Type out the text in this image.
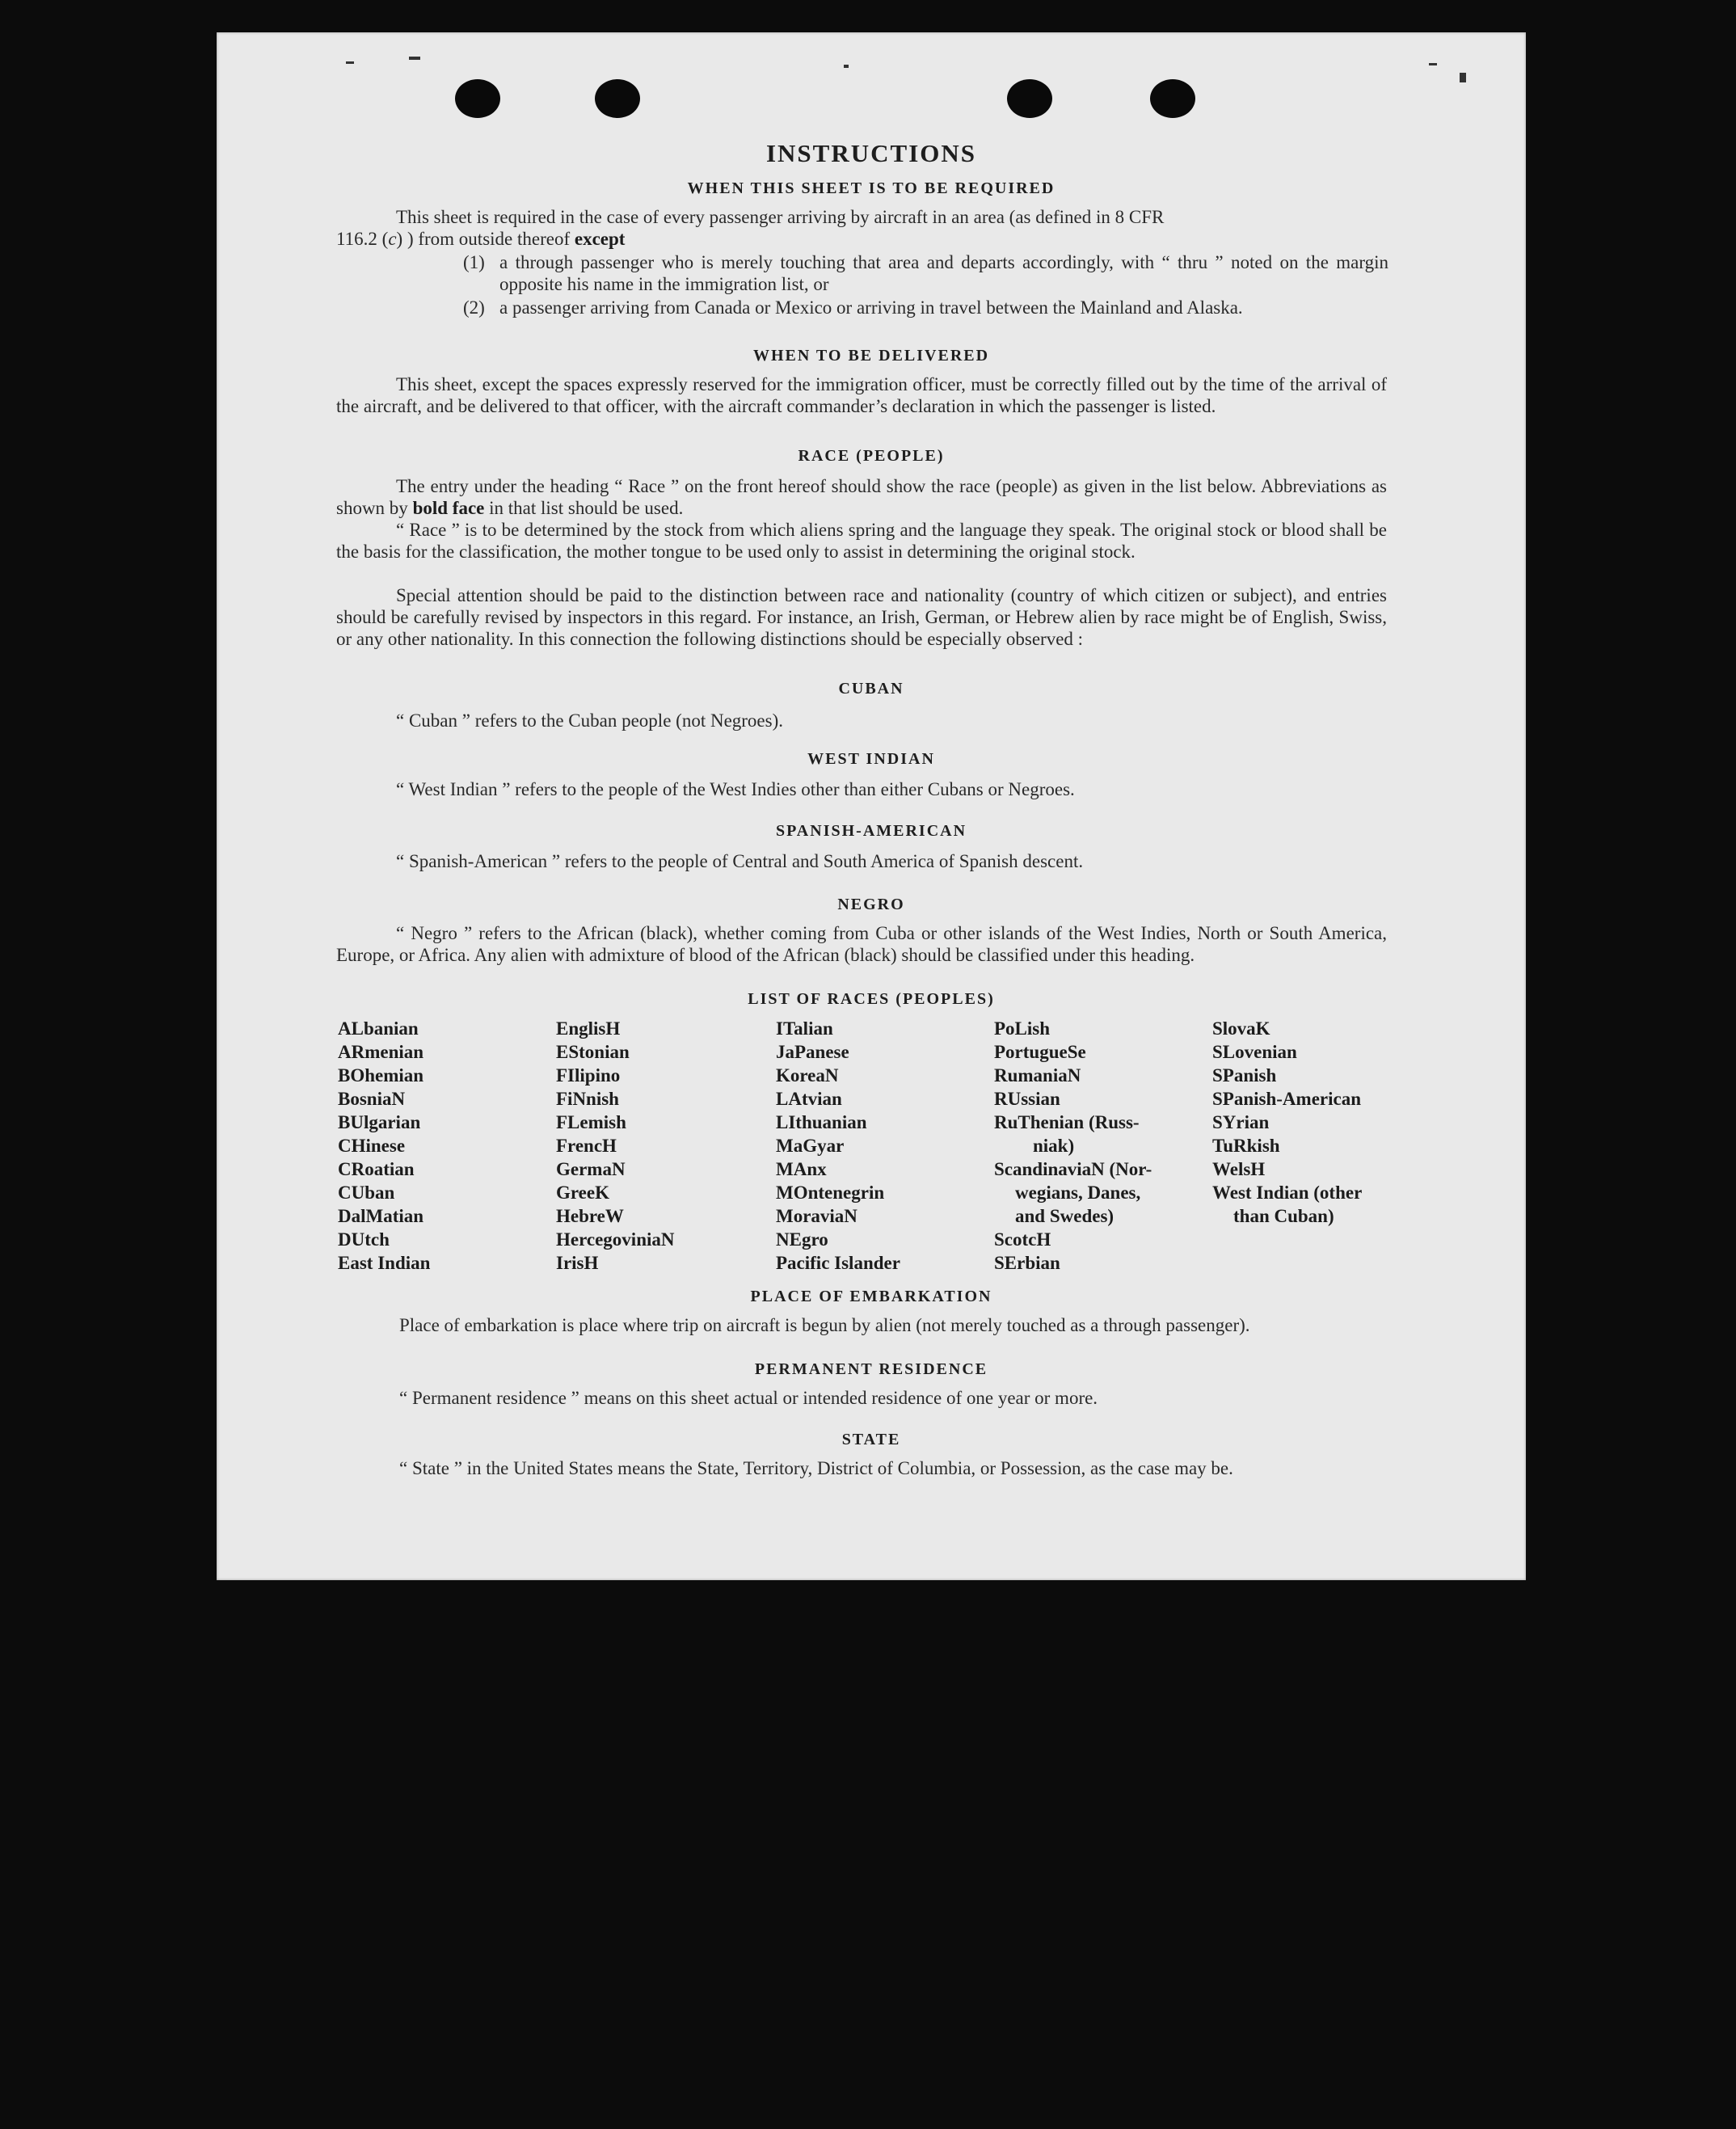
INSTRUCTIONS
WHEN THIS SHEET IS TO BE REQUIRED
This sheet is required in the case of every passenger arriving by aircraft in an area (as defined in 8 CFR
116.2 (c) ) from outside thereof except
(1) a through passenger who is merely touching that area and departs accordingly, with “ thru ” noted on the margin opposite his name in the immigration list, or
(2) a passenger arriving from Canada or Mexico or arriving in travel between the Mainland and Alaska.
WHEN TO BE DELIVERED
This sheet, except the spaces expressly reserved for the immigration officer, must be correctly filled out by the time of the arrival of the aircraft, and be delivered to that officer, with the aircraft commander’s declaration in which the passenger is listed.
RACE (PEOPLE)
The entry under the heading “ Race ” on the front hereof should show the race (people) as given in the list below. Abbreviations as shown by bold face in that list should be used.
“ Race ” is to be determined by the stock from which aliens spring and the language they speak. The original stock or blood shall be the basis for the classification, the mother tongue to be used only to assist in determining the original stock.
Special attention should be paid to the distinction between race and nationality (country of which citizen or subject), and entries should be carefully revised by inspectors in this regard. For instance, an Irish, German, or Hebrew alien by race might be of English, Swiss, or any other nationality. In this connection the following distinctions should be especially observed :
CUBAN
“ Cuban ” refers to the Cuban people (not Negroes).
WEST INDIAN
“ West Indian ” refers to the people of the West Indies other than either Cubans or Negroes.
SPANISH-AMERICAN
“ Spanish-American ” refers to the people of Central and South America of Spanish descent.
NEGRO
“ Negro ” refers to the African (black), whether coming from Cuba or other islands of the West Indies, North or South America, Europe, or Africa. Any alien with admixture of blood of the African (black) should be classified under this heading.
LIST OF RACES (PEOPLES)
ALbanian
ARmenian
BOhemian
BosniaN
BUlgarian
CHinese
CRoatian
CUban
DalMatian
DUtch
East Indian
EnglisH
EStonian
FIlipino
FiNnish
FLemish
FrencH
GermaN
GreeK
HebreW
HercegoviniaN
IrisH
ITalian
JaPanese
KoreaN
LAtvian
LIthuanian
MaGyar
MAnx
MOntenegrin
MoraviaN
NEgro
Pacific Islander
PoLish
PortugueSe
RumaniaN
RUssian
RuThenian (Russ-
niak)
ScandinaviaN (Nor-
wegians, Danes,
and Swedes)
ScotcH
SErbian
SlovaK
SLovenian
SPanish
SPanish-American
SYrian
TuRkish
WelsH
West Indian (other
than Cuban)
PLACE OF EMBARKATION
Place of embarkation is place where trip on aircraft is begun by alien (not merely touched as a through passenger).
PERMANENT RESIDENCE
“ Permanent residence ” means on this sheet actual or intended residence of one year or more.
STATE
“ State ” in the United States means the State, Territory, District of Columbia, or Possession, as the case may be.
